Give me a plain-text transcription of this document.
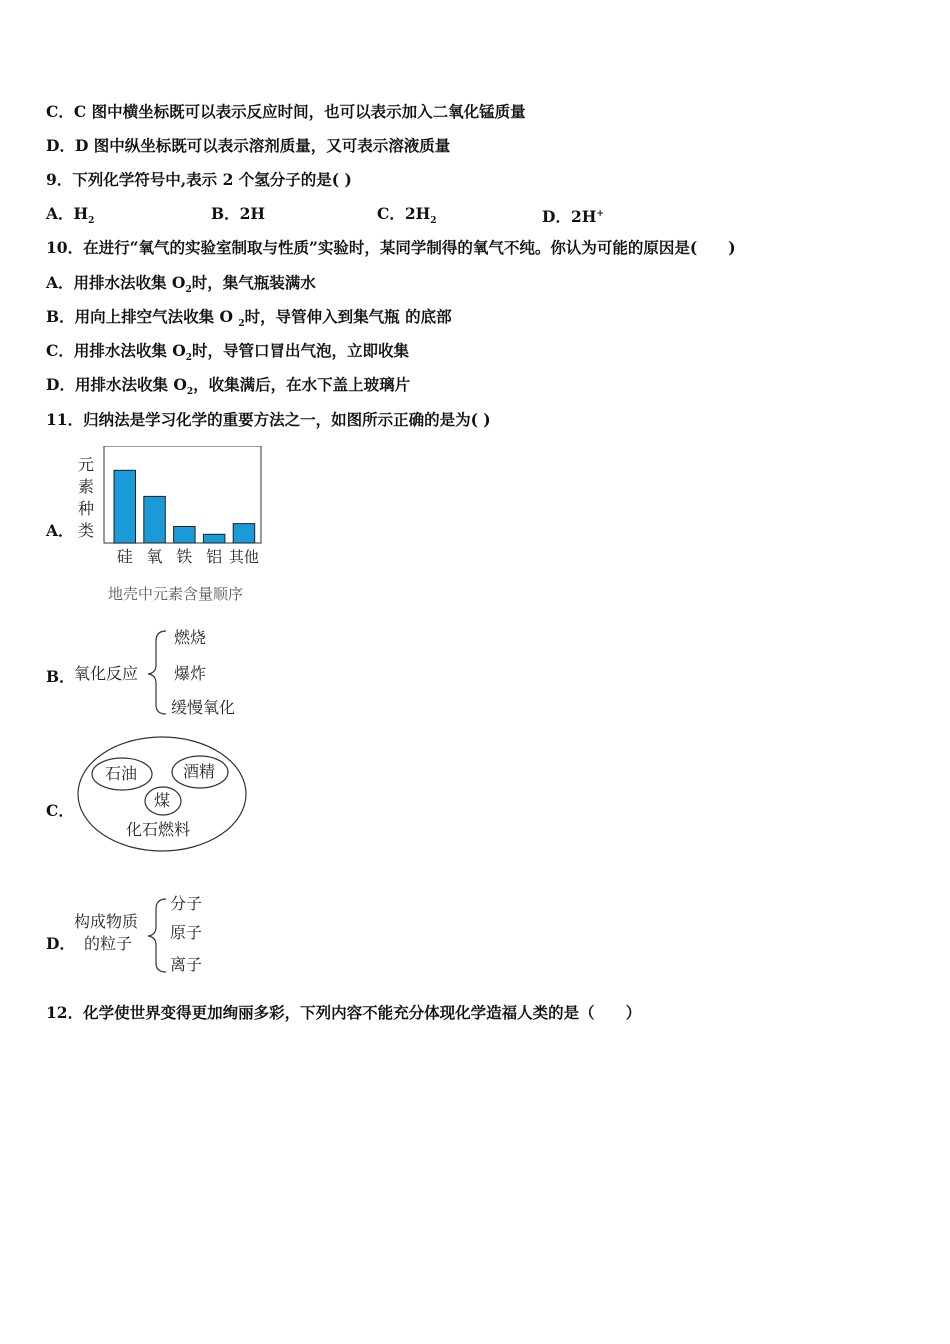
C．C 图中横坐标既可以表示反应时间，也可以表示加入二氧化锰质量
D．D 图中纵坐标既可以表示溶剂质量，又可表示溶液质量
9．下列化学符号中,表示 2 个氢分子的是( )
A．$H_2$	B．2H	C．$2H_2$	D．2H+
10．在进行“氧气的实验室制取与性质”实验时，某同学制得的氧气不纯。你认为可能的原因是(　　)
A．用排水法收集 $O_2$时，集气瓶装满水
B．用向上排空气法收集 O $_2$时，导管伸入到集气瓶 的底部
C．用排水法收集 $O_2$时，导管口冒出气泡，立即收集
D．用排水法收集 $O_2$，收集满后，在水下盖上玻璃片
11．归纳法是学习化学的重要方法之一，如图所示正确的是为( )
A．
元
素
种
类
硅 氧 铁 铝 其他
地壳中元素含量顺序
B． 氧化反应
燃烧
爆炸
缓慢氧化
C．
石油	酒精
煤
化石燃料
D．
构成物质
的粒子
分子
原子
离子
12．化学使世界变得更加绚丽多彩，下列内容不能充分体现化学造福人类的是（　　）
